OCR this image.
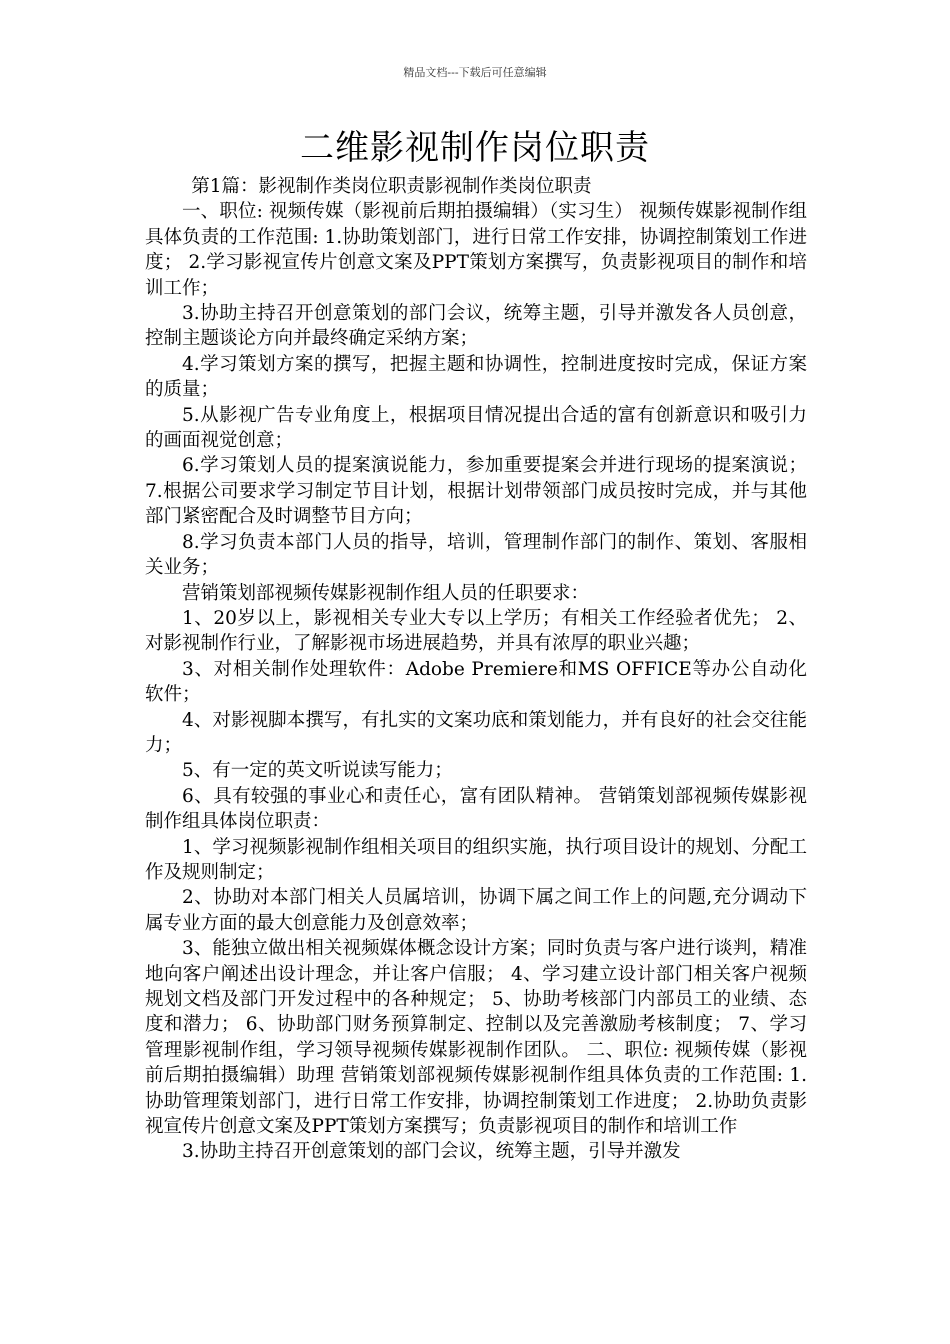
精品文档---下载后可任意编辑
二维影视制作岗位职责

第1篇：影视制作类岗位职责影视制作类岗位职责

一、职位: 视频传媒（影视前后期拍摄编辑）（实习生） 视频传媒影视制作组具体负责的工作范围: 1.协助策划部门，进行日常工作安排，协调控制策划工作进度； 2.学习影视宣传片创意文案及PPT策划方案撰写，负责影视项目的制作和培训工作；

3.协助主持召开创意策划的部门会议，统筹主题，引导并激发各人员创意，控制主题谈论方向并最终确定采纳方案；

4.学习策划方案的撰写，把握主题和协调性，控制进度按时完成，保证方案的质量；

5.从影视广告专业角度上，根据项目情况提出合适的富有创新意识和吸引力的画面视觉创意；

6.学习策划人员的提案演说能力，参加重要提案会并进行现场的提案演说； 7.根据公司要求学习制定节目计划，根据计划带领部门成员按时完成，并与其他部门紧密配合及时调整节目方向；

8.学习负责本部门人员的指导，培训，管理制作部门的制作、策划、客服相关业务；

营销策划部视频传媒影视制作组人员的任职要求：

1、20岁以上，影视相关专业大专以上学历；有相关工作经验者优先； 2、对影视制作行业，了解影视市场进展趋势，并具有浓厚的职业兴趣；

3、对相关制作处理软件：Adobe Premiere和MS OFFICE等办公自动化软件；

4、对影视脚本撰写，有扎实的文案功底和策划能力，并有良好的社会交往能力；

5、有一定的英文听说读写能力；

6、具有较强的事业心和责任心，富有团队精神。 营销策划部视频传媒影视制作组具体岗位职责：

1、学习视频影视制作组相关项目的组织实施，执行项目设计的规划、分配工作及规则制定；

2、协助对本部门相关人员属培训，协调下属之间工作上的问题,充分调动下属专业方面的最大创意能力及创意效率；

3、能独立做出相关视频媒体概念设计方案；同时负责与客户进行谈判，精准地向客户阐述出设计理念，并让客户信服； 4、学习建立设计部门相关客户视频规划文档及部门开发过程中的各种规定； 5、协助考核部门内部员工的业绩、态度和潜力； 6、协助部门财务预算制定、控制以及完善激励考核制度； 7、学习管理影视制作组，学习领导视频传媒影视制作团队。 二、职位: 视频传媒（影视前后期拍摄编辑）助理 营销策划部视频传媒影视制作组具体负责的工作范围: 1.协助管理策划部门，进行日常工作安排，协调控制策划工作进度； 2.协助负责影视宣传片创意文案及PPT策划方案撰写；负责影视项目的制作和培训工作

3.协助主持召开创意策划的部门会议，统筹主题，引导并激发
